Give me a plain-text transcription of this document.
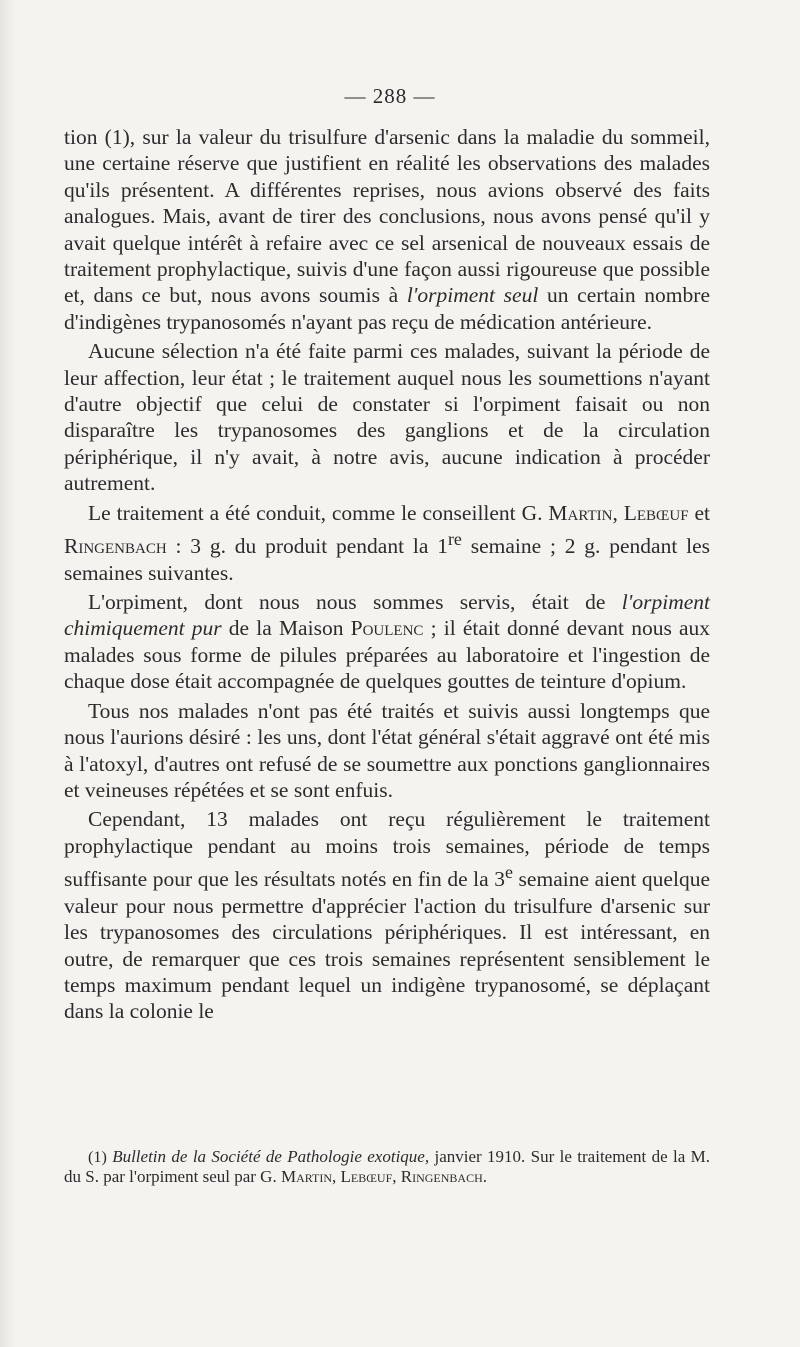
— 288 —

tion (1), sur la valeur du trisulfure d'arsenic dans la maladie du sommeil, une certaine réserve que justifient en réalité les observations des malades qu'ils présentent. A différentes reprises, nous avions observé des faits analogues. Mais, avant de tirer des conclusions, nous avons pensé qu'il y avait quelque intérêt à refaire avec ce sel arsenical de nouveaux essais de traitement prophylactique, suivis d'une façon aussi rigoureuse que possible et, dans ce but, nous avons soumis à l'orpiment seul un certain nombre d'indigènes trypanosomés n'ayant pas reçu de médication antérieure.

Aucune sélection n'a été faite parmi ces malades, suivant la période de leur affection, leur état ; le traitement auquel nous les soumettions n'ayant d'autre objectif que celui de constater si l'orpiment faisait ou non disparaître les trypanosomes des ganglions et de la circulation périphérique, il n'y avait, à notre avis, aucune indication à procéder autrement.

Le traitement a été conduit, comme le conseillent G. Martin, Lebœuf et Ringenbach : 3 g. du produit pendant la 1re semaine ; 2 g. pendant les semaines suivantes.

L'orpiment, dont nous nous sommes servis, était de l'orpiment chimiquement pur de la Maison Poulenc ; il était donné devant nous aux malades sous forme de pilules préparées au laboratoire et l'ingestion de chaque dose était accompagnée de quelques gouttes de teinture d'opium.

Tous nos malades n'ont pas été traités et suivis aussi longtemps que nous l'aurions désiré : les uns, dont l'état général s'était aggravé ont été mis à l'atoxyl, d'autres ont refusé de se soumettre aux ponctions ganglionnaires et veineuses répétées et se sont enfuis.

Cependant, 13 malades ont reçu régulièrement le traitement prophylactique pendant au moins trois semaines, période de temps suffisante pour que les résultats notés en fin de la 3e semaine aient quelque valeur pour nous permettre d'apprécier l'action du trisulfure d'arsenic sur les trypanosomes des circulations périphériques. Il est intéressant, en outre, de remarquer que ces trois semaines représentent sensiblement le temps maximum pendant lequel un indigène trypanosomé, se déplaçant dans la colonie le

(1) Bulletin de la Société de Pathologie exotique, janvier 1910. Sur le traitement de la M. du S. par l'orpiment seul par G. Martin, Lebœuf, Ringenbach.
